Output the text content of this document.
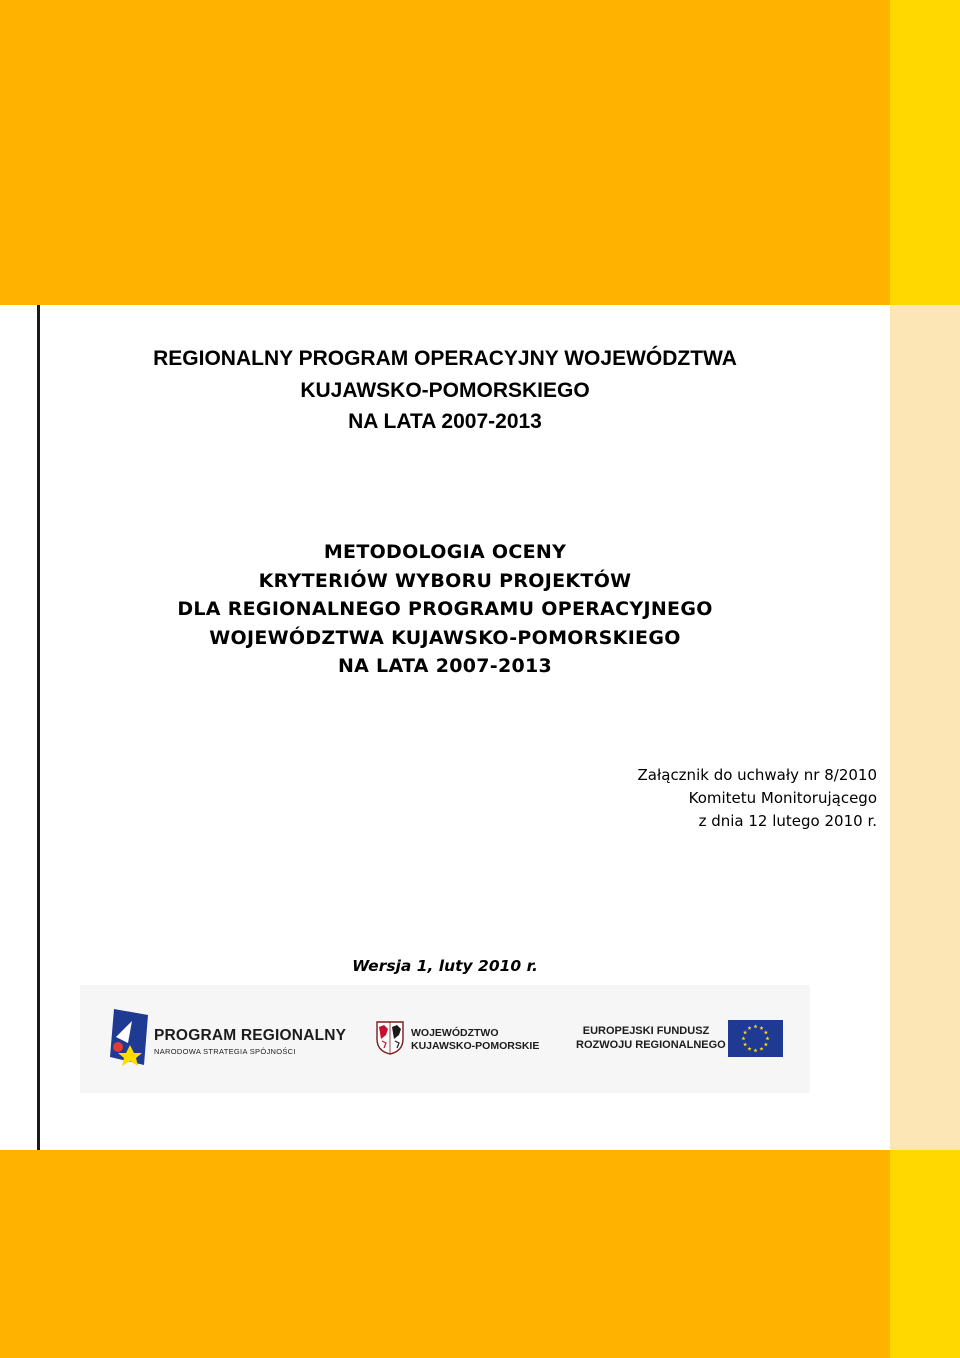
REGIONALNY PROGRAM OPERACYJNY WOJEWÓDZTWA
KUJAWSKO-POMORSKIEGO
NA LATA 2007-2013
METODOLOGIA OCENY
KRYTERIÓW WYBORU PROJEKTÓW
DLA REGIONALNEGO PROGRAMU OPERACYJNEGO
WOJEWÓDZTWA KUJAWSKO-POMORSKIEGO
NA LATA 2007-2013
Załącznik do uchwały nr 8/2010
Komitetu Monitorującego
z dnia 12 lutego 2010 r.
Wersja 1, luty 2010 r.
PROGRAM REGIONALNY
NARODOWA STRATEGIA SPÓJNOŚCI
WOJEWÓDZTWO
KUJAWSKO-POMORSKIE
EUROPEJSKI FUNDUSZ
ROZWOJU REGIONALNEGO
